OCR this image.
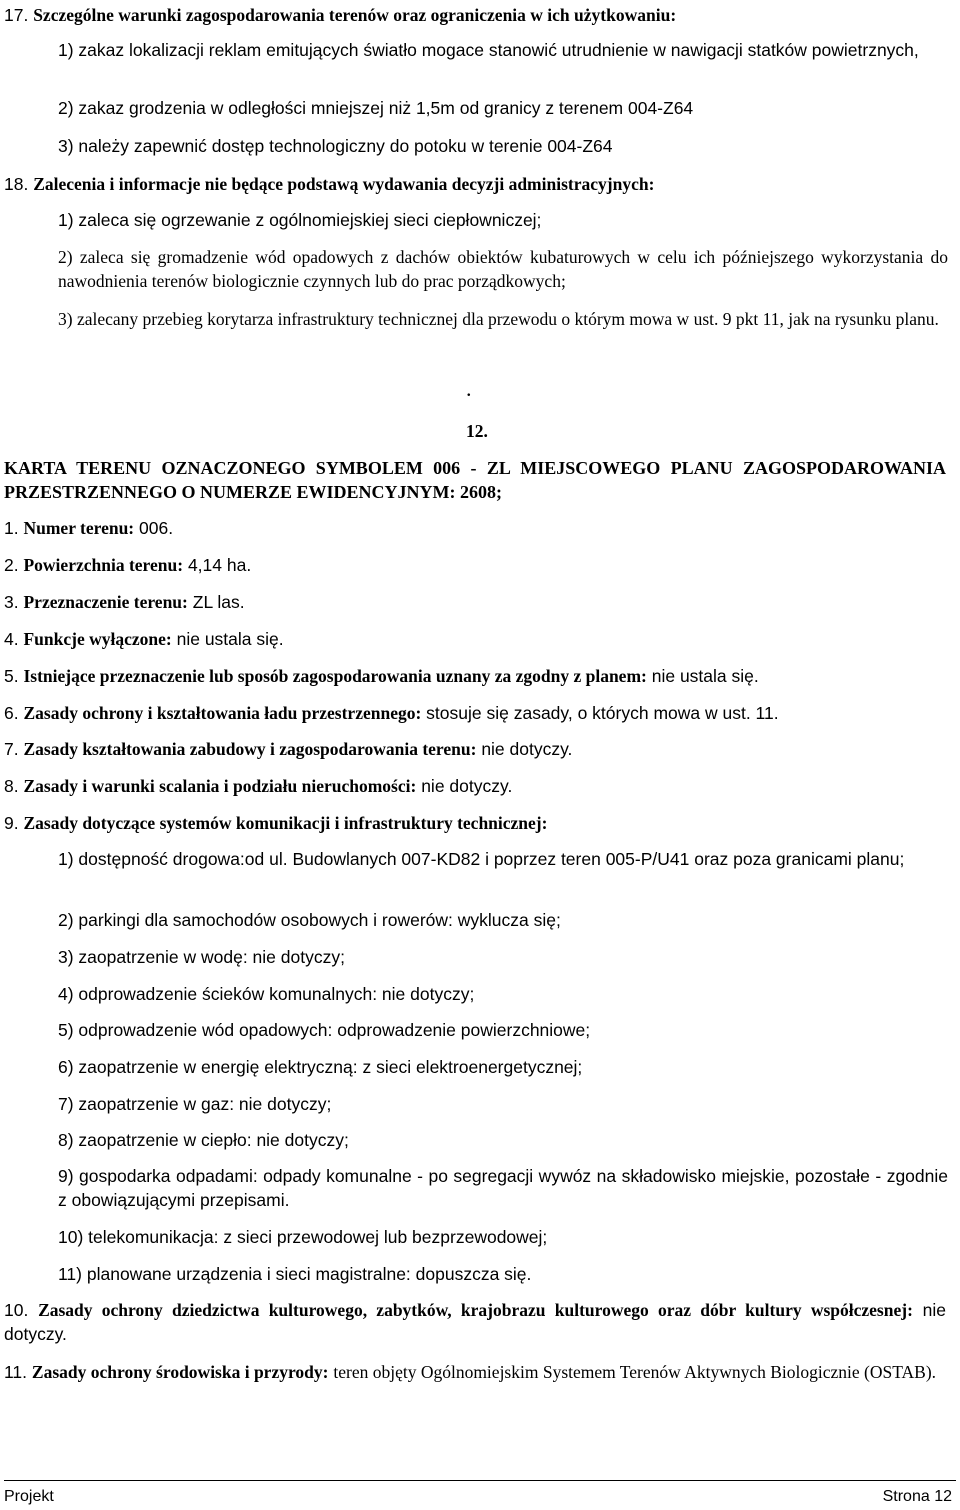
17. Szczególne warunki zagospodarowania terenów oraz ograniczenia w ich użytkowaniu:
1) zakaz lokalizacji reklam emitujących światło mogace stanowić utrudnienie w nawigacji statków powietrznych,
2) zakaz grodzenia w odległości mniejszej niż 1,5m od granicy z terenem 004-Z64
3) należy zapewnić dostęp technologiczny do potoku w terenie 004-Z64
18. Zalecenia i informacje nie będące podstawą wydawania decyzji administracyjnych:
1) zaleca się ogrzewanie z ogólnomiejskiej sieci ciepłowniczej;
2) zaleca się gromadzenie wód opadowych z dachów obiektów kubaturowych w celu ich późniejszego wykorzystania do nawodnienia terenów biologicznie czynnych lub do prac porządkowych;
3) zalecany przebieg korytarza infrastruktury technicznej dla przewodu o którym mowa w ust. 9 pkt 11, jak na rysunku planu.
.
12.
KARTA TERENU OZNACZONEGO SYMBOLEM 006 - ZL MIEJSCOWEGO PLANU ZAGOSPODAROWANIA PRZESTRZENNEGO O NUMERZE EWIDENCYJNYM: 2608;
1. Numer terenu: 006.
2. Powierzchnia terenu: 4,14 ha.
3. Przeznaczenie terenu: ZL las.
4. Funkcje wyłączone: nie ustala się.
5. Istniejące przeznaczenie lub sposób zagospodarowania uznany za zgodny z planem: nie ustala się.
6. Zasady ochrony i kształtowania ładu przestrzennego: stosuje się zasady, o których mowa w ust. 11.
7. Zasady kształtowania zabudowy i zagospodarowania terenu: nie dotyczy.
8. Zasady i warunki scalania i podziału nieruchomości: nie dotyczy.
9. Zasady dotyczące systemów komunikacji i infrastruktury technicznej:
1) dostępność drogowa:od ul. Budowlanych 007-KD82 i poprzez teren 005-P/U41 oraz poza granicami planu;
2) parkingi dla samochodów osobowych i rowerów: wyklucza się;
3) zaopatrzenie w wodę: nie dotyczy;
4) odprowadzenie ścieków komunalnych: nie dotyczy;
5) odprowadzenie wód opadowych: odprowadzenie powierzchniowe;
6) zaopatrzenie w energię elektryczną: z sieci elektroenergetycznej;
7) zaopatrzenie w gaz: nie dotyczy;
8) zaopatrzenie w ciepło: nie dotyczy;
9) gospodarka odpadami: odpady komunalne - po segregacji wywóz na składowisko miejskie, pozostałe - zgodnie z obowiązującymi przepisami.
10) telekomunikacja: z sieci przewodowej lub bezprzewodowej;
11) planowane urządzenia i sieci magistralne: dopuszcza się.
10. Zasady ochrony dziedzictwa kulturowego, zabytków, krajobrazu kulturowego oraz dóbr kultury współczesnej: nie dotyczy.
11. Zasady ochrony środowiska i przyrody: teren objęty Ogólnomiejskim Systemem Terenów Aktywnych Biologicznie (OSTAB).
Projekt	Strona 12
